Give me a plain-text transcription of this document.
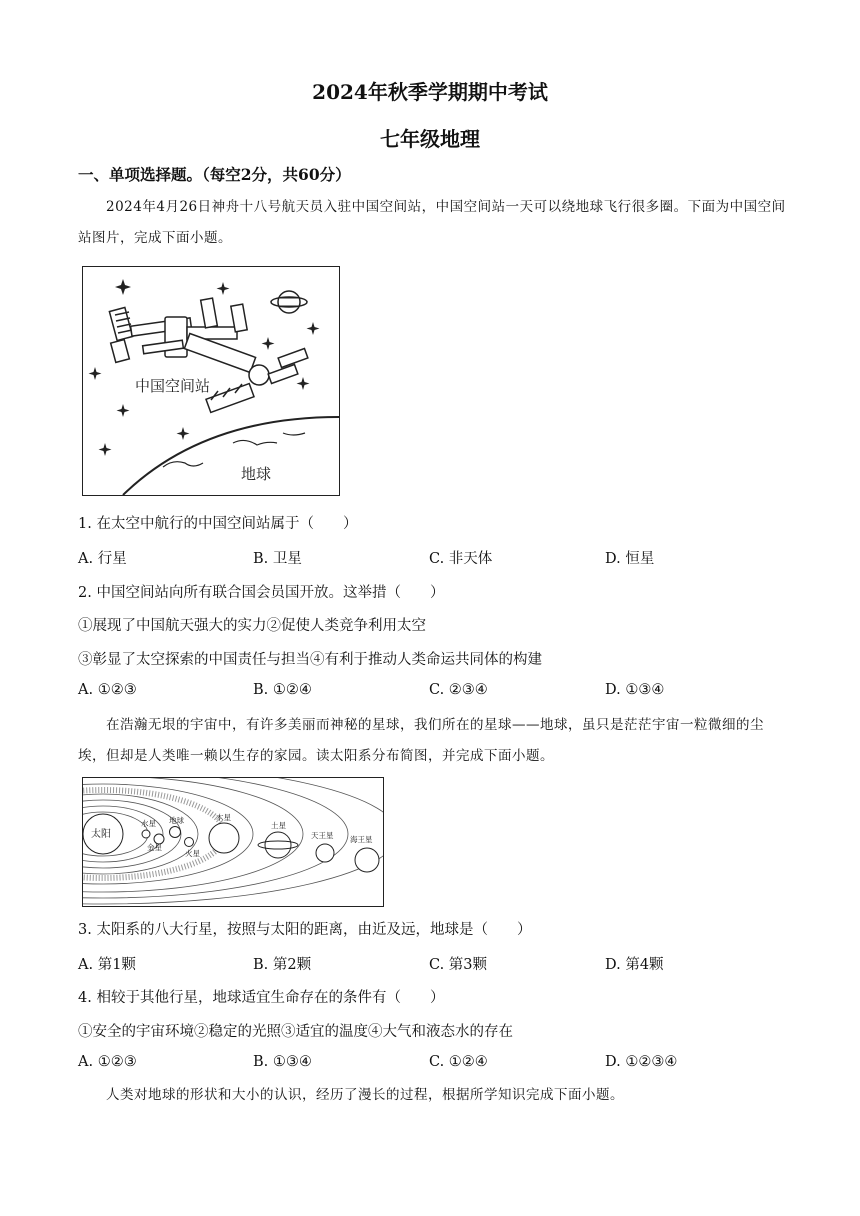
2024年秋季学期期中考试
七年级地理
一、单项选择题。（每空2分，共60分）
2024年4月26日神舟十八号航天员入驻中国空间站，中国空间站一天可以绕地球飞行很多圈。下面为中国空间站图片，完成下面小题。
中国空间站
地球
1. 在太空中航行的中国空间站属于（　　）
A. 行星	B. 卫星	C. 非天体	D. 恒星
2. 中国空间站向所有联合国会员国开放。这举措（　　）
①展现了中国航天强大的实力②促使人类竞争利用太空
③彰显了太空探索的中国责任与担当④有利于推动人类命运共同体的构建
A. ①②③	B. ①②④	C. ②③④	D. ①③④
在浩瀚无垠的宇宙中，有许多美丽而神秘的星球，我们所在的星球——地球，虽只是茫茫宇宙一粒微细的尘埃，但却是人类唯一赖以生存的家园。读太阳系分布简图，并完成下面小题。
太阳
水星
金星
地球
火星
木星
土星
天王星 海王星
3. 太阳系的八大行星，按照与太阳的距离，由近及远，地球是（　　）
A. 第1颗	B. 第2颗	C. 第3颗	D. 第4颗
4. 相较于其他行星，地球适宜生命存在的条件有（　　）
①安全的宇宙环境②稳定的光照③适宜的温度④大气和液态水的存在
A. ①②③	B. ①③④	C. ①②④	D. ①②③④
人类对地球的形状和大小的认识，经历了漫长的过程，根据所学知识完成下面小题。
